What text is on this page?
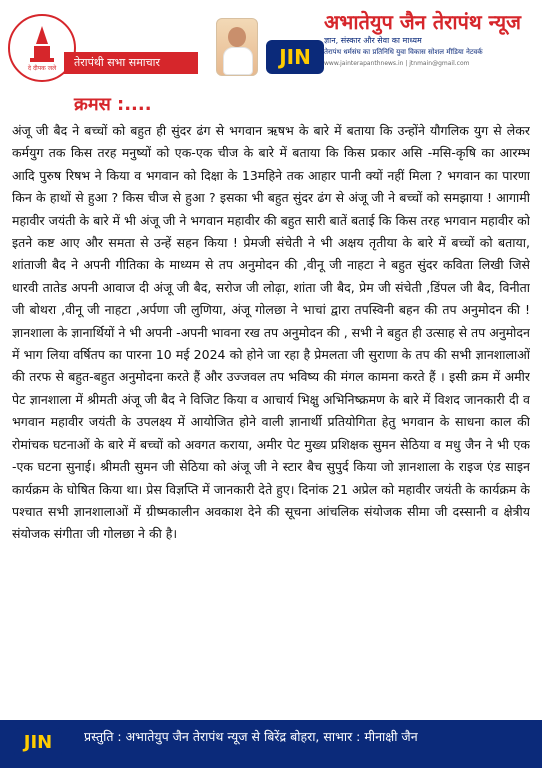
दे दीपक जले	तेरापंथी सभा समाचार	JIN
अभातेयुप जैन तेरापंथ न्यूज
ज्ञान, संस्कार और सेवा का माध्यम
तेरापंथ धर्मसंघ का प्रतिनिधि युवा विकास सोशल मीडिया नेटवर्क
www.jainterapanthnews.in | jtnmain@gmail.com
क्रमस :....
अंजू जी बैद ने बच्चों को बहुत ही सुंदर ढंग से भगवान ऋषभ के बारे में बताया कि उन्होंने यौगलिक युग से लेकर कर्मयुग तक किस तरह मनुष्यों को एक-एक चीज के बारे में बताया कि किस प्रकार असि -मसि-कृषि का आरम्भ आदि पुरुष रिषभ ने किया व भगवान को दिक्षा के 13महिने तक आहार पानी क्यों नहीं मिला ? भगवान का पारणा किन के हाथों से हुआ ? किस चीज से हुआ ? इसका भी बहुत सुंदर ढंग से अंजू जी ने बच्चों को समझाया ! आगामी महावीर जयंती के बारे में भी अंजू जी ने भगवान महावीर की बहुत सारी बातें बताई कि किस तरह भगवान महावीर को इतने कष्ट आए और समता से उन्हें सहन किया ! प्रेमजी संचेती ने भी अक्षय तृतीया के बारे में बच्चों को बताया, शांताजी बैद ने अपनी गीतिका के माध्यम से तप अनुमोदन की ,वीनू जी नाहटा ने बहुत सुंदर कविता लिखी जिसे धारवी तातेड अपनी आवाज दी अंजू जी बैद, सरोज जी लोढ़ा, शांता जी बैद, प्रेम जी संचेती ,डिंपल जी बैद, विनीता जी बोथरा ,वीनू जी नाहटा ,अर्पणा जी लुणिया, अंजू गोलछा ने भाचां द्वारा तपस्विनी बहन की तप अनुमोदन की ! ज्ञानशाला के ज्ञानार्थियों ने भी अपनी -अपनी भावना रख तप अनुमोदन की , सभी ने बहुत ही उत्साह से तप अनुमोदन में भाग लिया वर्षितप का पारना 10 मई 2024 को होने जा रहा है प्रेमलता जी सुराणा के तप की सभी ज्ञानशालाओं की तरफ से बहुत-बहुत अनुमोदना करते हैं और उज्जवल तप भविष्य की मंगल कामना करते हैं । इसी क्रम में अमीर पेट ज्ञानशाला में श्रीमती अंजू जी बैद ने विजिट किया व आचार्य भिक्षु अभिनिष्क्रमण के बारे में विशद जानकारी दी व भगवान महावीर जयंती के उपलक्ष्य में आयोजित होने वाली ज्ञानार्थी प्रतियोगिता हेतु भगवान के साधना काल की रोमांचक घटनाओं के बारे में बच्चों को अवगत कराया, अमीर पेट मुख्य प्रशिक्षक सुमन सेठिया व मधु जैन ने भी एक -एक घटना सुनाई। श्रीमती सुमन जी सेठिया को अंजू जी ने स्टार बैच सुपुर्द किया जो ज्ञानशाला के राइज एंड साइन कार्यक्रम के घोषित किया था। प्रेस विज्ञप्ति में जानकारी देते हुए। दिनांक 21 अप्रेल को महावीर जयंती के कार्यक्रम के पश्चात सभी ज्ञानशालाओं में ग्रीष्मकालीन अवकाश देने की सूचना आंचलिक संयोजक सीमा जी दस्सानी व क्षेत्रीय संयोजक संगीता जी गोलछा ने की है।
JIN	प्रस्तुति : अभातेयुप जैन तेरापंथ न्यूज से बिरेंद्र बोहरा, साभार : मीनाक्षी जैन
